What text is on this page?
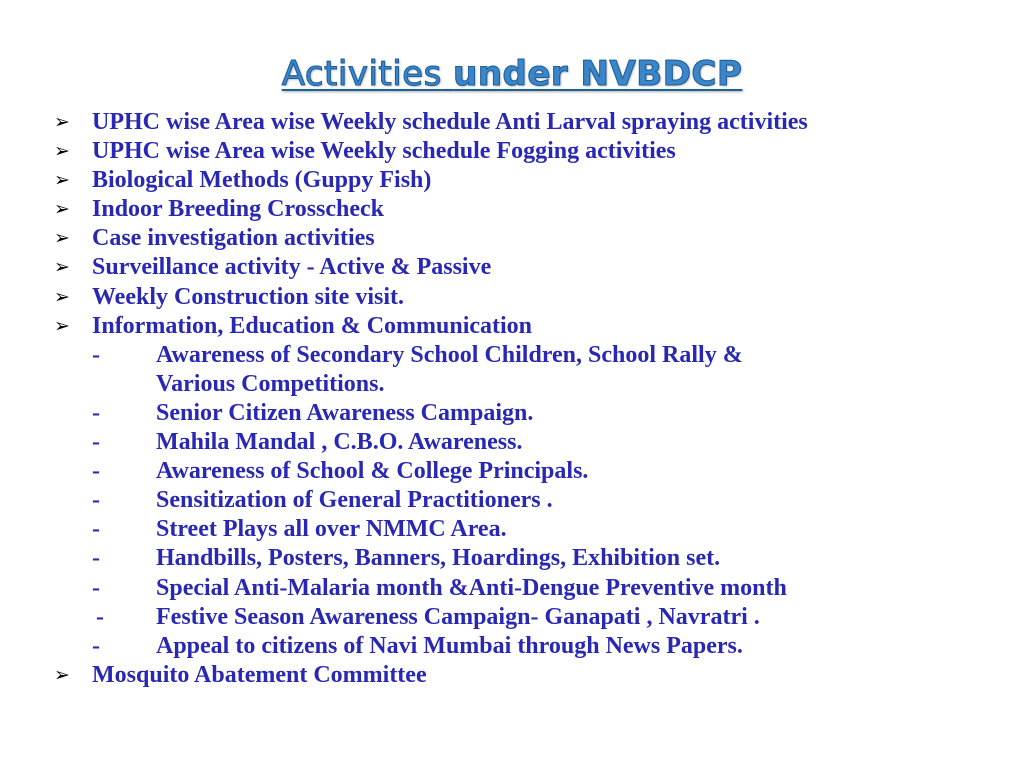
Activities under NVBDCP
➢ UPHC wise Area wise Weekly schedule Anti Larval spraying activities
➢ UPHC wise Area wise Weekly schedule Fogging activities
➢ Biological Methods (Guppy Fish)
➢ Indoor Breeding Crosscheck
➢ Case investigation activities
➢ Surveillance activity - Active & Passive
➢ Weekly Construction site visit.
➢ Information, Education & Communication
-	Awareness of Secondary School Children, School Rally &
Various Competitions.
-	Senior Citizen Awareness Campaign.
-	Mahila Mandal , C.B.O. Awareness.
-	Awareness of School & College Principals.
-	Sensitization of General Practitioners .
-	Street Plays all over NMMC Area.
-	Handbills, Posters, Banners, Hoardings, Exhibition set.
-	Special Anti-Malaria month &Anti-Dengue Preventive month
-	Festive Season Awareness Campaign- Ganapati , Navratri .
-	Appeal to citizens of Navi Mumbai through News Papers.
➢ Mosquito Abatement Committee
